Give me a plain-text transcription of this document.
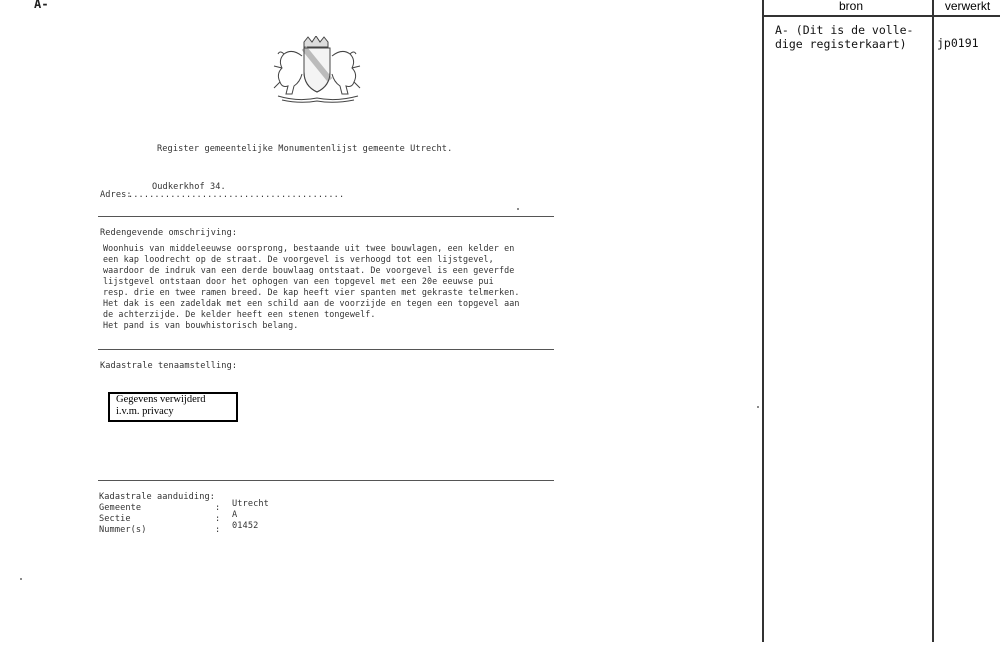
A-
Register gemeentelijke Monumentenlijst gemeente Utrecht.
Oudkerkhof 34.
Adres:
.........................................
Redengevende omschrijving:
Woonhuis van middeleeuwse oorsprong, bestaande uit twee bouwlagen, een kelder en
een kap loodrecht op de straat. De voorgevel is verhoogd tot een lijstgevel,
waardoor de indruk van een derde bouwlaag ontstaat. De voorgevel is een geverfde
lijstgevel ontstaan door het ophogen van een topgevel met een 20e eeuwse pui
resp. drie en twee ramen breed. De kap heeft vier spanten met gekraste telmerken.
Het dak is een zadeldak met een schild aan de voorzijde en tegen een topgevel aan
de achterzijde. De kelder heeft een stenen tongewelf.
Het pand is van bouwhistorisch belang.
Kadastrale tenaamstelling:
Gegevens verwijderd i.v.m. privacy
Kadastrale aanduiding:
Gemeente	: Utrecht
Sectie	: A
Nummer(s)	: 01452
bron	verwerkt
A- (Dit is de volle-
dige registerkaart)	jp0191
